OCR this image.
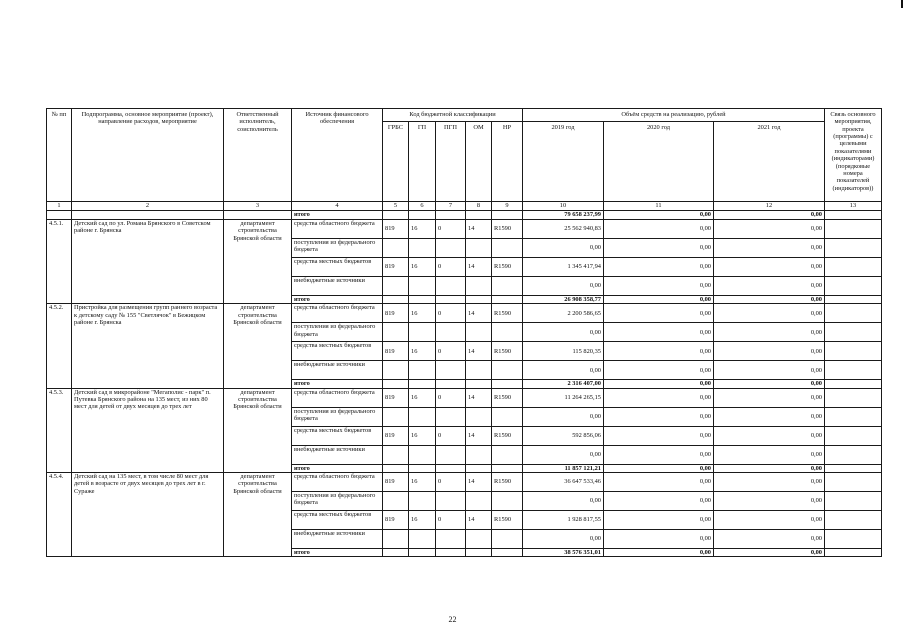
№ пп	Подпрограмма, основное мероприятие (проект), направление расходов, мероприятие	Ответственный исполнитель, соисполнитель	Источник финансового обеспечения	Код бюджетной классификации					Объём средств на реализацию, рублей			Связь основного мероприятия, проекта (программы) с целевыми показателями (индикаторами) (порядковые номера показателей (индикаторов))
				ГРБС	ГП	ПГП	ОМ	НР	2019 год	2020 год	2021 год	
1	2	3	4	5	6	7	8	9	10	11	12	13
			итого						79 658 237,99	0,00	0,00	
4.5.1.	Детский сад по ул. Романа Брянского в Советском районе г. Брянска	департамент строительства Брянской области	средства областного бюджета	819	16	0	14	R1590	25 562 940,83	0,00	0,00	
			поступления из федерального бюджета						0,00	0,00	0,00	
			средства местных бюджетов	819	16	0	14	R1590	1 345 417,94	0,00	0,00	
			внебюджетные источники						0,00	0,00	0,00	
			итого						26 908 358,77	0,00	0,00	
4.5.2.	Пристройка для размещения групп раннего возраста к детскому саду № 155 "Светлячок" в Бежицком районе г. Брянска	департамент строительства Брянской области	средства областного бюджета	819	16	0	14	R1590	2 200 586,65	0,00	0,00	
			поступления из федерального бюджета						0,00	0,00	0,00	
			средства местных бюджетов	819	16	0	14	R1590	115 820,35	0,00	0,00	
			внебюджетные источники						0,00	0,00	0,00	
			итого						2 316 407,00	0,00	0,00	
4.5.3.	Детский сад в микрорайоне "Мегаполис - парк" п. Путевка Брянского района на 135 мест, из них 80 мест для детей от двух месяцев до трех лет	департамент строительства Брянской области	средства областного бюджета	819	16	0	14	R1590	11 264 265,15	0,00	0,00	
			поступления из федерального бюджета						0,00	0,00	0,00	
			средства местных бюджетов	819	16	0	14	R1590	592 856,06	0,00	0,00	
			внебюджетные источники						0,00	0,00	0,00	
			итого						11 857 121,21	0,00	0,00	
4.5.4.	Детский сад на 135 мест, в том числе 80 мест для детей в возрасте от двух месяцев до трех лет в г. Сураже	департамент строительства Брянской области	средства областного бюджета	819	16	0	14	R1590	36 647 533,46	0,00	0,00	
			поступления из федерального бюджета						0,00	0,00	0,00	
			средства местных бюджетов	819	16	0	14	R1590	1 928 817,55	0,00	0,00	
			внебюджетные источники						0,00	0,00	0,00	
			итого						38 576 351,01	0,00	0,00	
22
